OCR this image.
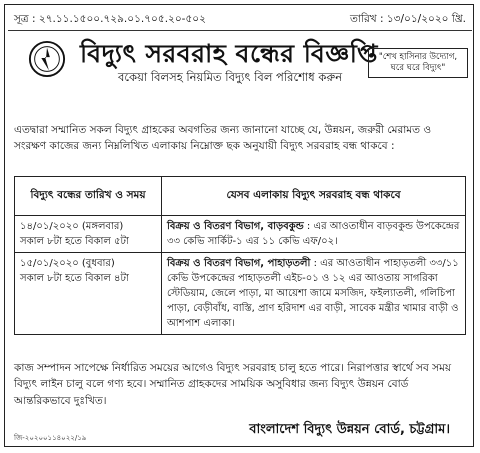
সূত্র : ২৭.১১.১৫০০.৭২৯.০১.৭০৫.২০-৫০২	তারিখ : ১৩/০১/২০২০ খ্রি.
বিদ্যুৎ সরবরাহ বন্ধের বিজ্ঞপ্তি
বকেয়া বিলসহ নিয়মিত বিদ্যুৎ বিল পরিশোধ করুন
"শেখ হাসিনার উদ্যোগ,
ঘরে ঘরে বিদ্যুৎ"
এতদ্বারা সম্মানিত সকল বিদ্যুৎ গ্রাহকের অবগতির জন্য জানানো যাচ্ছে যে, উন্নয়ন, জরুরী মেরামত ও সংরক্ষণ কাজের জন্য নিম্নলিখিত এলাকায় নিম্নোক্ত ছক অনুযায়ী বিদ্যুৎ সরবরাহ বন্ধ থাকবে :
বিদ্যুৎ বন্ধের তারিখ ও সময়	যেসব এলাকায় বিদ্যুৎ সরবরাহ বন্ধ থাকবে

১৪/০১/২০২০ (মঙ্গলবার)
সকাল ৮টা হতে বিকাল ৫টা	বিক্রয় ও বিতরণ বিভাগ, বাড়বকুন্ড : এর আওতাধীন বাড়বকুন্ড উপকেন্দ্রের ৩৩ কেভি সার্কিট-১ এর ১১ কেভি এফ/০২।

১৫/০১/২০২০ (বুধবার)
সকাল ৮টা হতে বিকাল ৪টা	বিক্রয় ও বিতরণ বিভাগ, পাহাড়তলী : এর আওতাধীন পাহাড়তলী ৩৩/১১ কেভি উপকেন্দ্রের পাহাড়তলী এইচ-০১ ও ১২ এর আওতায় সাগরিকা স্টেডিয়াম, জেলে পাড়া, মা আয়েশা জামে মসজিদ, ফইল্যাতলী, গলিচিপা পাড়া, বেড়ীবাঁধ, বাস্তি, প্রাণ হরিদাশ এর বাড়ী, সাবেক মন্ত্রীর খামার বাড়ী ও আশপাশ এলাকা।
কাজ সম্পাদন সাপেক্ষে নির্ধারিত সময়ের আগেও বিদ্যুৎ সরবরাহ চালু হতে পারে। নিরাপত্তার স্বার্থে সব সময় বিদ্যুৎ লাইন চালু বলে গণ্য হবে। সম্মানিত গ্রাহকদের সাময়িক অসুবিধার জন্য বিদ্যুৎ উন্নয়ন বোর্ড আন্তরিকভাবে দুঃখিত।
বাংলাদেশ বিদ্যুৎ উন্নয়ন বোর্ড, চট্টগ্রাম।
জি-২০২০০১১৪০২২/১৯
